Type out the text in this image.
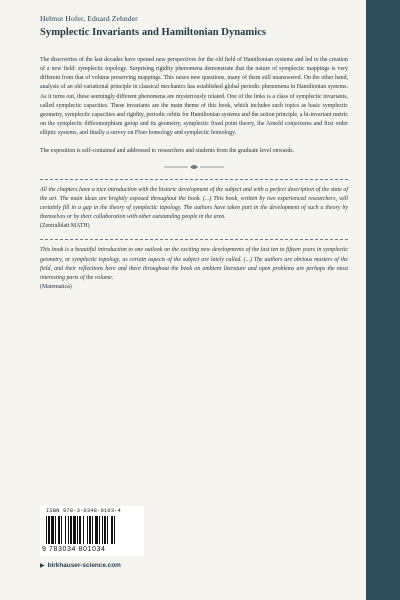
Helmut Hofer, Eduard Zehnder

Symplectic Invariants and Hamiltonian Dynamics

The discoveries of the last decades have opened new perspectives for the old field of Hamiltonian systems and led to the creation of a new field: symplectic topology. Surprising rigidity phenomena demonstrate that the nature of symplectic mappings is very different from that of volume preserving mappings. This raises new questions, many of them still unanswered. On the other hand, analysis of an old variational principle in classical mechanics has established global periodic phenomena in Hamiltonian systems. As it turns out, these seemingly different phenomena are mysteriously related. One of the links is a class of symplectic invariants, called symplectic capacities. These invariants are the main theme of this book, which includes such topics as basic symplectic geometry, symplectic capacities and rigidity, periodic orbits for Hamiltonian systems and the action principle, a bi-invariant metric on the symplectic diffeomorphism group and its geometry, symplectic fixed point theory, the Arnold conjectures and first order elliptic systems, and finally a survey on Floer homology and symplectic homology.

The exposition is self-contained and addressed to researchers and students from the graduate level onwards.

All the chapters have a nice introduction with the historic development of the subject and with a perfect description of the state of the art. The main ideas are brightly exposed throughout the book. (...) This book, written by two experienced researchers, will certainly fill in a gap in the theory of symplectic topology. The authors have taken part in the development of such a theory by themselves or by their collaboration with other outstanding people in the area.
(Zentralblatt MATH)
This book is a beautiful introduction to one outlook on the exciting new developments of the last ten to fifteen years in symplectic geometry, or symplectic topology, as certain aspects of the subject are lately called. (...) The authors are obvious masters of the field, and their reflections here and there throughout the book on ambient literature and open problems are perhaps the most interesting parts of the volume.
(Matematica)
ISBN 978-3-0348-0103-4
9 783034 801034
▶ birkhauser-science.com
